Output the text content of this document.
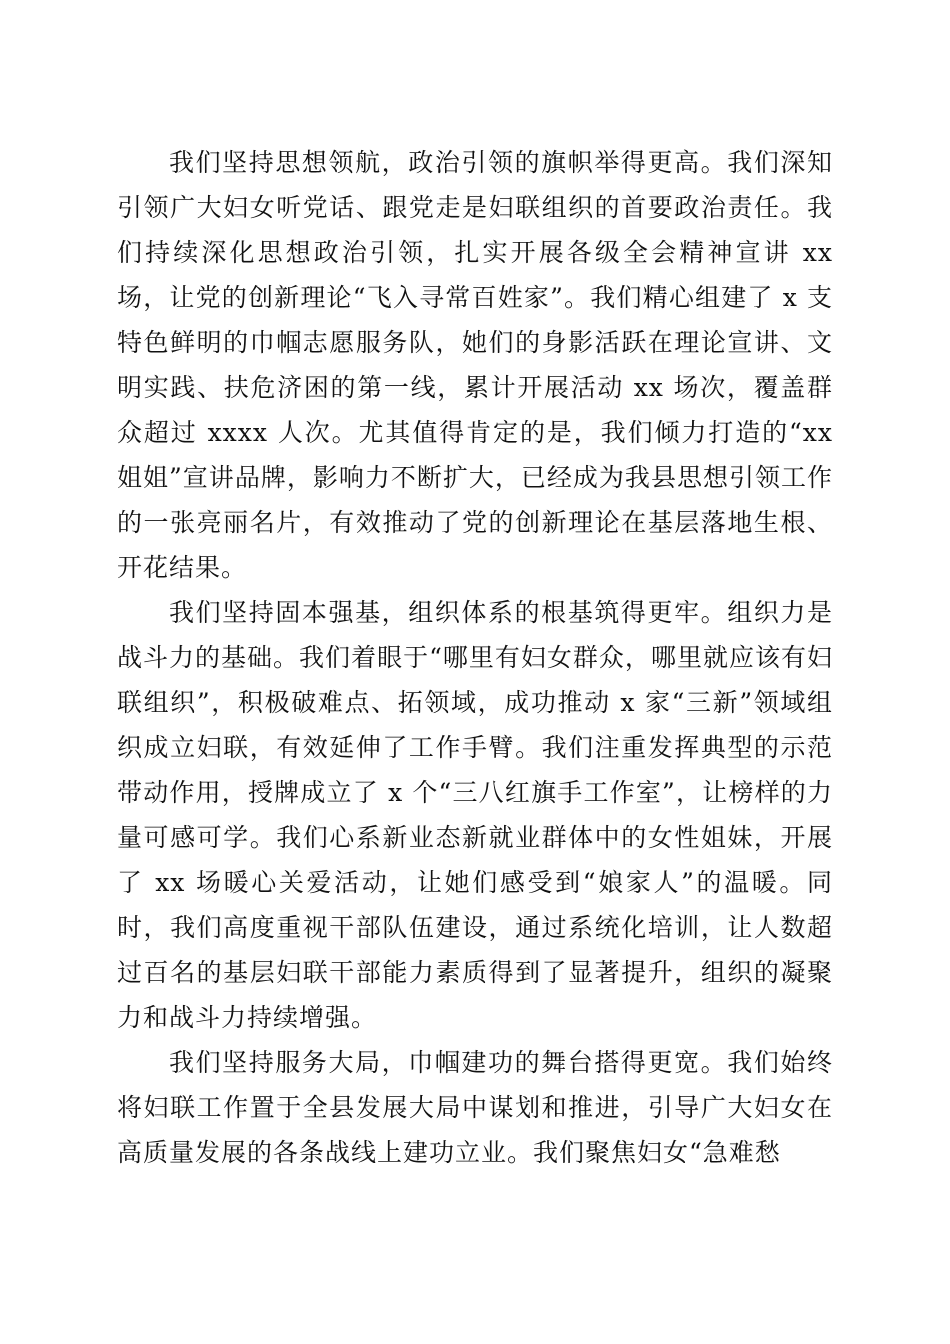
我们坚持思想领航，政治引领的旗帜举得更高。我们深知引领广大妇女听党话、跟党走是妇联组织的首要政治责任。我们持续深化思想政治引领，扎实开展各级全会精神宣讲 xx 场，让党的创新理论“飞入寻常百姓家”。我们精心组建了 x 支特色鲜明的巾帼志愿服务队，她们的身影活跃在理论宣讲、文明实践、扶危济困的第一线，累计开展活动 xx 场次，覆盖群众超过 xxxx 人次。尤其值得肯定的是，我们倾力打造的“xx 姐姐”宣讲品牌，影响力不断扩大，已经成为我县思想引领工作的一张亮丽名片，有效推动了党的创新理论在基层落地生根、开花结果。

我们坚持固本强基，组织体系的根基筑得更牢。组织力是战斗力的基础。我们着眼于“哪里有妇女群众，哪里就应该有妇联组织”，积极破难点、拓领域，成功推动 x 家“三新”领域组织成立妇联，有效延伸了工作手臂。我们注重发挥典型的示范带动作用，授牌成立了 x 个“三八红旗手工作室”，让榜样的力量可感可学。我们心系新业态新就业群体中的女性姐妹，开展了 xx 场暖心关爱活动，让她们感受到“娘家人”的温暖。同时，我们高度重视干部队伍建设，通过系统化培训，让人数超过百名的基层妇联干部能力素质得到了显著提升，组织的凝聚力和战斗力持续增强。

我们坚持服务大局，巾帼建功的舞台搭得更宽。我们始终将妇联工作置于全县发展大局中谋划和推进，引导广大妇女在高质量发展的各条战线上建功立业。我们聚焦妇女“急难愁
